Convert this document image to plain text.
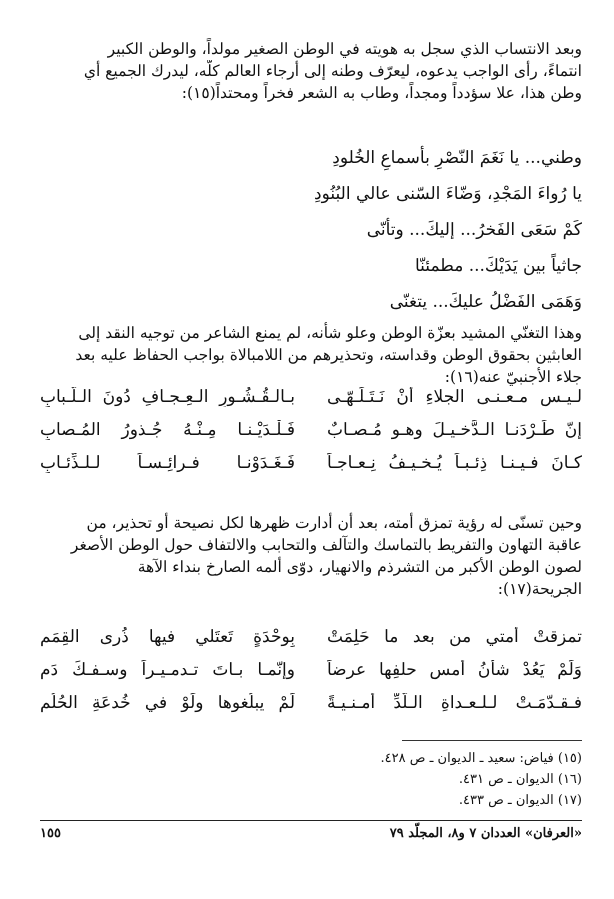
وبعد الانتساب الذي سجل به هويته في الوطن الصغير مولداً، والوطن الكبير
انتماءً، رأى الواجب يدعوه، ليعرّف وطنه إلى أرجاء العالم كلّه، ليدرك الجميع أي
وطن هذا، علا سؤدداً ومجداً، وطاب به الشعر فخراً ومحتداً(١٥):

وطني... يا نَغَمَ النّصْرِ بأسماعِ الخُلودِ
يا رُواءَ المَجْدِ، وَضّاءَ السّنى عالي البُنُودِ
كَمْ سَعَى الفَخرُ... إليكَ... وتأنّى
جاثياً بين يَدَيْكَ... مطمئنّا
وَهَمَى الفَضْلُ عليكَ... يتغنّى

وهذا التغنّي المشيد بعزّة الوطن وعلو شأنه، لم يمنع الشاعر من توجيه النقد إلى
العابثين بحقوق الوطن وقداسته، وتحذيرهم من اللامبالاة بواجب الحفاظ عليه بعد
جلاء الأجنبيّ عنه(١٦):

لـيـس مـعـنـى الجلاءِ أَنْ نَـتَـلَـهّـى
بـالـقُـشُـورِ الـعِـجـافِ دُونَ الـلُّـبابِ
إنّ طَـرْدَنـا الـدَّخـيـلَ وهـو مُـصـابٌ
فَـلْـدَيْـنـا مِـنْـهُ جُـذورُ المُـصابِ
كـانَ فـيـنـا ذِئـبـاً يُـخـيـفُ نِـعـاجـاً
فَـغَـدَوْنـا فـرائِـسـاً لـلـذِّئـابِ

وحين تسنّى له رؤية تمزق أمته، بعد أن أدارت ظهرها لكل نصيحة أو تحذير، من
عاقبة التهاون والتفريط بالتماسك والتآلف والتحابب والالتفاف حول الوطن الأصغر
لصون الوطن الأكبر من التشرذم والانهيار، دوّى ألمه الصارخ بنداء الآهة
الجريحة(١٧):

تمزقتْ أُمتي من بعد ما حَلِمَتْ
بِوحْدَةٍ تَعتَلي فيها ذُرى القِمَمِ
وَلَمْ يَعُدْ شأنُ أمسِ حلفِها عرضاً
وإنّمـا بـاتَ تـدمـيـراً وسـفـكَ دَمِ
فـقـدّمَـتْ لـلـعـداةِ الـلُّدِّ أمـنـيـةً
لَمْ يبلُغوها ولَوْ في خُدعَةِ الحُلُمِ
(١٥) فياض: سعيد ـ الديوان ـ ص ٤٢٨.
(١٦) الديوان ـ ص ٤٣١.
(١٧) الديوان ـ ص ٤٣٣.
«العرفان» العددان ٧ و٨، المجلّد ٧٩
١٥٥
